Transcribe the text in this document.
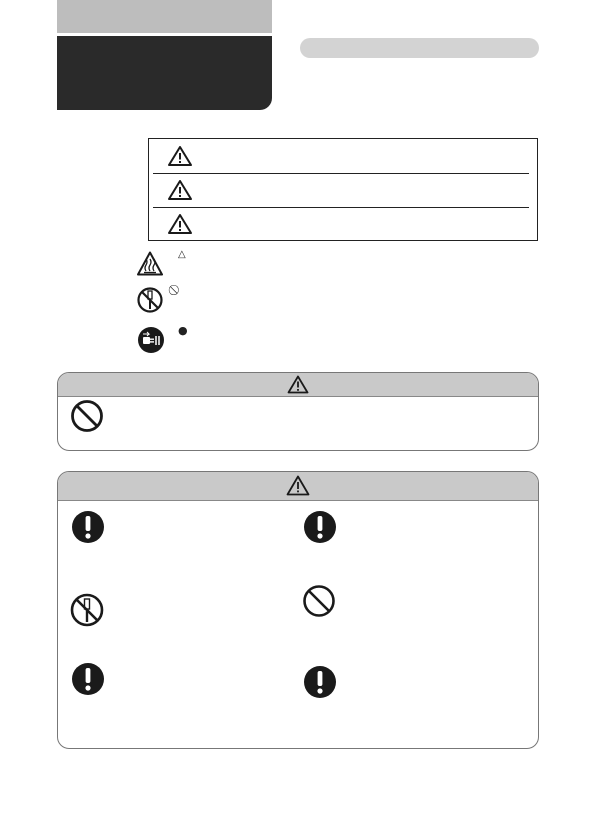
△
●
